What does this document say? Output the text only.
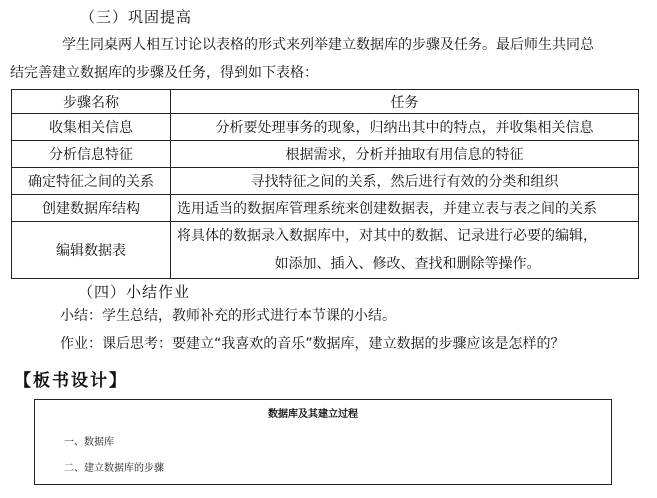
（三）巩固提高
学生同桌两人相互讨论以表格的形式来列举建立数据库的步骤及任务。最后师生共同总
结完善建立数据库的步骤及任务，得到如下表格：
步骤名称	任务
收集相关信息	分析要处理事务的现象，归纳出其中的特点，并收集相关信息
分析信息特征	根据需求，分析并抽取有用信息的特征
确定特征之间的关系	寻找特征之间的关系，然后进行有效的分类和组织
创建数据库结构	选用适当的数据库管理系统来创建数据表，并建立表与表之间的关系
编辑数据表	将具体的数据录入数据库中，对其中的数据、记录进行必要的编辑，
如添加、插入、修改、查找和删除等操作。
（四）小结作业
小结：学生总结，教师补充的形式进行本节课的小结。
作业：课后思考：要建立“我喜欢的音乐”数据库，建立数据的步骤应该是怎样的？
【板书设计】
数据库及其建立过程
一、数据库
二、建立数据库的步骤
